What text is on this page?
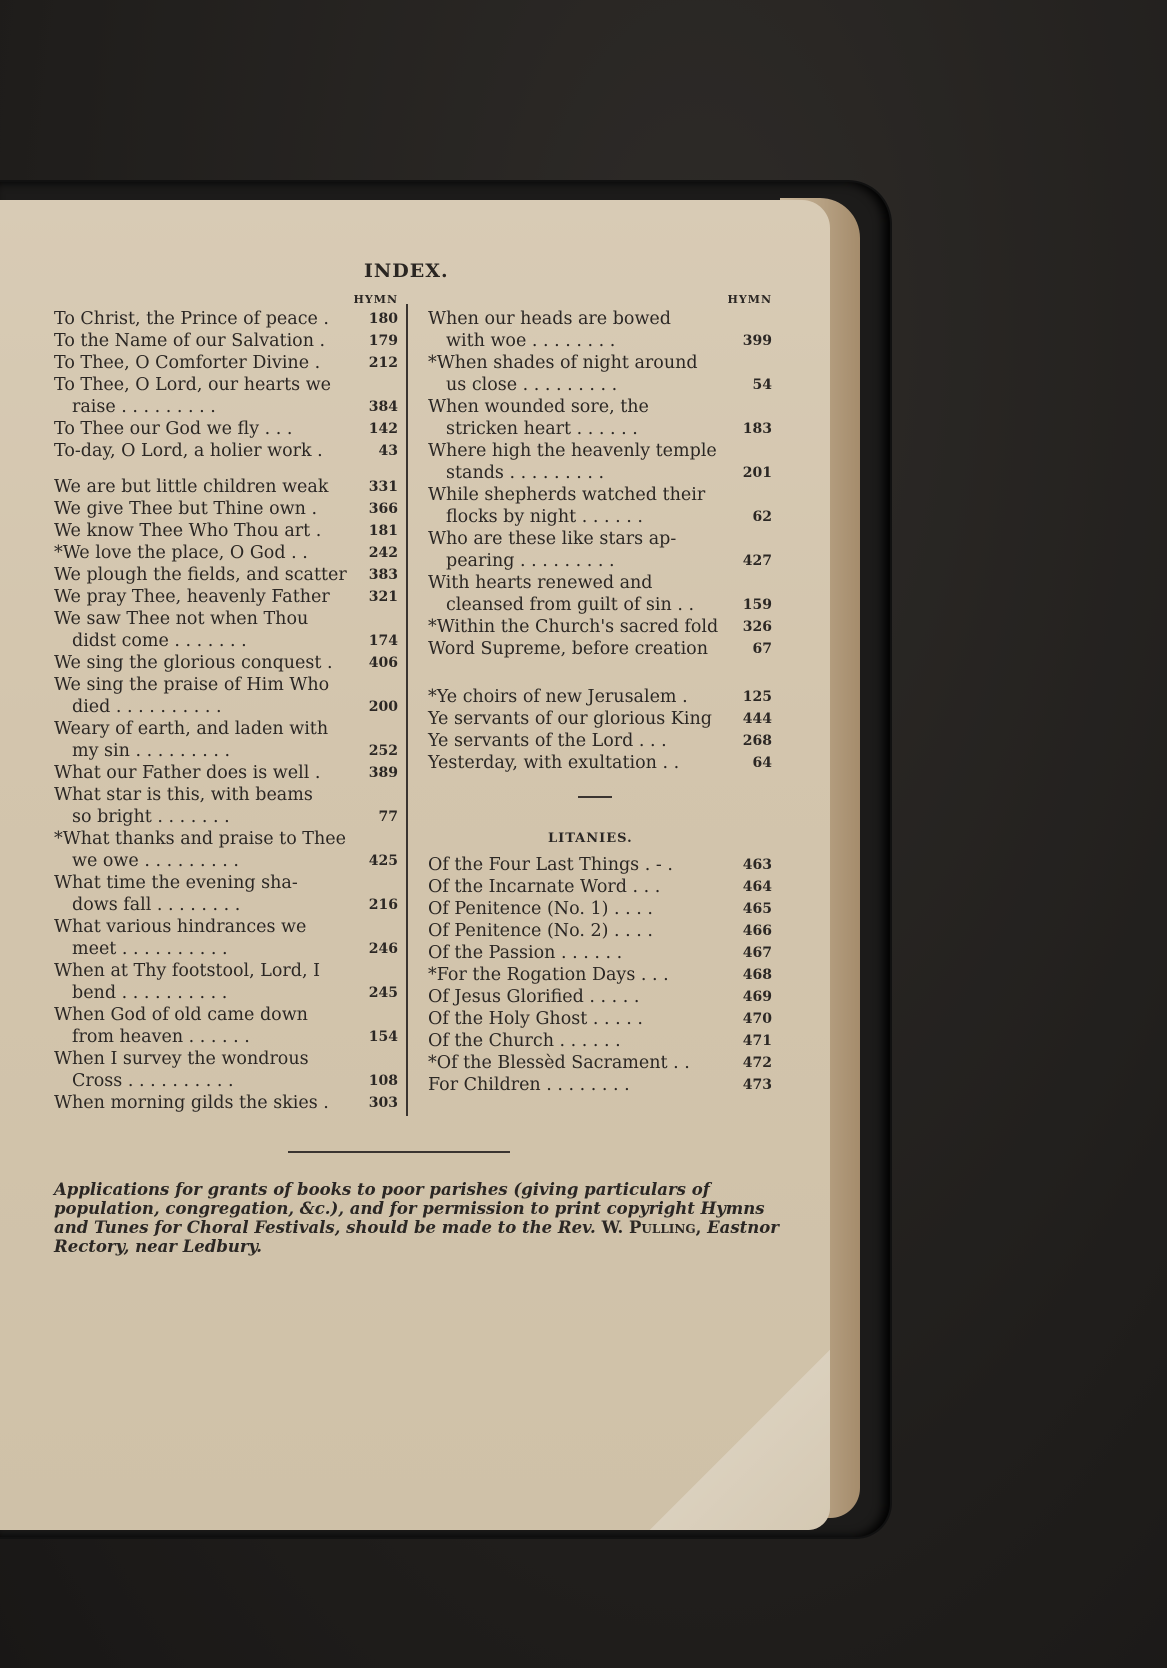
INDEX.
HYMN
To Christ, the Prince of peace .	180
To the Name of our Salvation .	179
To Thee, O Comforter Divine .	212
To Thee, O Lord, our hearts we
raise . . . . . . . . .	384
To Thee our God we fly . . .	142
To-day, O Lord, a holier work .	43
We are but little children weak	331
We give Thee but Thine own .	366
We know Thee Who Thou art .	181
*We love the place, O God . .	242
We plough the fields, and scatter 383
We pray Thee, heavenly Father	321
We saw Thee not when Thou
didst come . . . . . . .	174
We sing the glorious conquest .	406
We sing the praise of Him Who
died . . . . . . . . . .	200
Weary of earth, and laden with
my sin . . . . . . . . .	252
What our Father does is well .	389
What star is this, with beams
so bright . . . . . . .	77
*What thanks and praise to Thee
we owe . . . . . . . . .	425
What time the evening sha-
dows fall . . . . . . . .	216
What various hindrances we
meet . . . . . . . . . .	246
When at Thy footstool, Lord, I
bend . . . . . . . . . .	245
When God of old came down
from heaven . . . . . .	154
When I survey the wondrous
Cross . . . . . . . . . .	108
When morning gilds the skies .	303
HYMN
When our heads are bowed
with woe . . . . . . . .	399
*When shades of night around
us close . . . . . . . . .	54
When wounded sore, the
stricken heart . . . . . .	183
Where high the heavenly temple
stands . . . . . . . . .	201
While shepherds watched their
flocks by night . . . . . .	62
Who are these like stars ap-
pearing . . . . . . . . .	427
With hearts renewed and
cleansed from guilt of sin . .	159
*Within the Church's sacred fold 326
Word Supreme, before creation	67
*Ye choirs of new Jerusalem .	125
Ye servants of our glorious King 444
Ye servants of the Lord . . .	268
Yesterday, with exultation . .	64
LITANIES.
Of the Four Last Things . - .	463
Of the Incarnate Word . . .	464
Of Penitence (No. 1) . . . .	465
Of Penitence (No. 2) . . . .	466
Of the Passion . . . . . .	467
*For the Rogation Days . . .	468
Of Jesus Glorified . . . . .	469
Of the Holy Ghost . . . . .	470
Of the Church . . . . . .	471
*Of the Blessèd Sacrament . .	472
For Children . . . . . . . .	473
Applications for grants of books to poor parishes (giving particulars of population, congregation, &c.), and for permission to print copyright Hymns and Tunes for Choral Festivals, should be made to the Rev. W. Pulling, Eastnor Rectory, near Ledbury.
